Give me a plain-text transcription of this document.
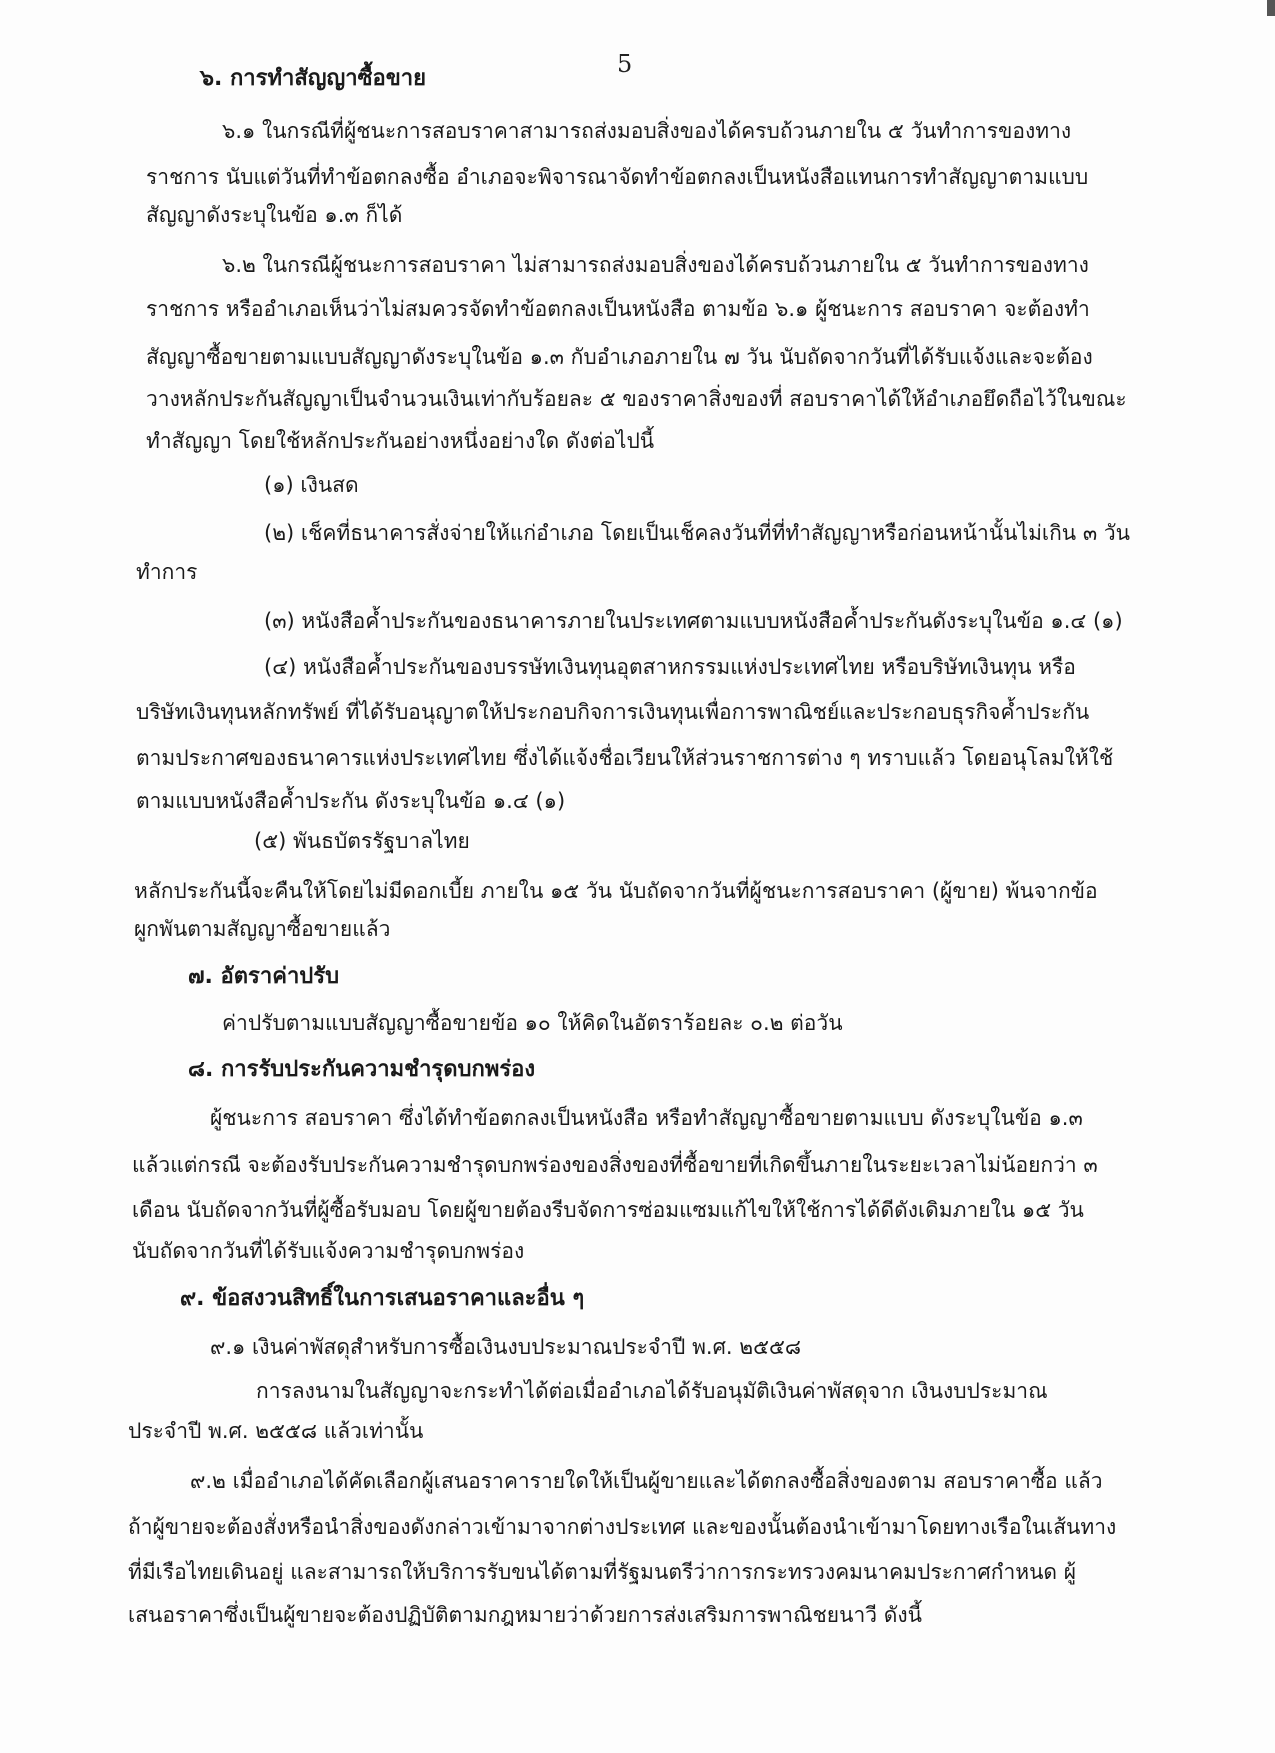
5
๖. การทำสัญญาซื้อขาย
๖.๑ ในกรณีที่ผู้ชนะการสอบราคาสามารถส่งมอบสิ่งของได้ครบถ้วนภายใน ๕ วันทำการของทาง
ราชการ นับแต่วันที่ทำข้อตกลงซื้อ อำเภอจะพิจารณาจัดทำข้อตกลงเป็นหนังสือแทนการทำสัญญาตามแบบ
สัญญาดังระบุในข้อ ๑.๓ ก็ได้
๖.๒ ในกรณีผู้ชนะการสอบราคา ไม่สามารถส่งมอบสิ่งของได้ครบถ้วนภายใน ๕ วันทำการของทาง
ราชการ หรืออำเภอเห็นว่าไม่สมควรจัดทำข้อตกลงเป็นหนังสือ ตามข้อ ๖.๑ ผู้ชนะการ สอบราคา จะต้องทำ
สัญญาซื้อขายตามแบบสัญญาดังระบุในข้อ ๑.๓ กับอำเภอภายใน ๗ วัน นับถัดจากวันที่ได้รับแจ้งและจะต้อง
วางหลักประกันสัญญาเป็นจำนวนเงินเท่ากับร้อยละ ๕ ของราคาสิ่งของที่ สอบราคาได้ให้อำเภอยึดถือไว้ในขณะ
ทำสัญญา โดยใช้หลักประกันอย่างหนึ่งอย่างใด ดังต่อไปนี้
(๑) เงินสด
(๒) เช็คที่ธนาคารสั่งจ่ายให้แก่อำเภอ โดยเป็นเช็คลงวันที่ที่ทำสัญญาหรือก่อนหน้านั้นไม่เกิน ๓ วัน
ทำการ
(๓) หนังสือค้ำประกันของธนาคารภายในประเทศตามแบบหนังสือค้ำประกันดังระบุในข้อ ๑.๔ (๑)
(๔) หนังสือค้ำประกันของบรรษัทเงินทุนอุตสาหกรรมแห่งประเทศไทย หรือบริษัทเงินทุน หรือ
บริษัทเงินทุนหลักทรัพย์ ที่ได้รับอนุญาตให้ประกอบกิจการเงินทุนเพื่อการพาณิชย์และประกอบธุรกิจค้ำประกัน
ตามประกาศของธนาคารแห่งประเทศไทย ซึ่งได้แจ้งชื่อเวียนให้ส่วนราชการต่าง ๆ ทราบแล้ว โดยอนุโลมให้ใช้
ตามแบบหนังสือค้ำประกัน ดังระบุในข้อ ๑.๔ (๑)
(๕) พันธบัตรรัฐบาลไทย
หลักประกันนี้จะคืนให้โดยไม่มีดอกเบี้ย ภายใน ๑๕ วัน นับถัดจากวันที่ผู้ชนะการสอบราคา (ผู้ขาย) พ้นจากข้อ
ผูกพันตามสัญญาซื้อขายแล้ว
๗. อัตราค่าปรับ
ค่าปรับตามแบบสัญญาซื้อขายข้อ ๑๐ ให้คิดในอัตราร้อยละ ๐.๒ ต่อวัน
๘. การรับประกันความชำรุดบกพร่อง
ผู้ชนะการ สอบราคา ซึ่งได้ทำข้อตกลงเป็นหนังสือ หรือทำสัญญาซื้อขายตามแบบ ดังระบุในข้อ ๑.๓
แล้วแต่กรณี จะต้องรับประกันความชำรุดบกพร่องของสิ่งของที่ซื้อขายที่เกิดขึ้นภายในระยะเวลาไม่น้อยกว่า ๓
เดือน นับถัดจากวันที่ผู้ซื้อรับมอบ โดยผู้ขายต้องรีบจัดการซ่อมแซมแก้ไขให้ใช้การได้ดีดังเดิมภายใน ๑๕ วัน
นับถัดจากวันที่ได้รับแจ้งความชำรุดบกพร่อง
๙. ข้อสงวนสิทธิ์ในการเสนอราคาและอื่น ๆ
๙.๑ เงินค่าพัสดุสำหรับการซื้อเงินงบประมาณประจำปี พ.ศ. ๒๕๕๘
การลงนามในสัญญาจะกระทำได้ต่อเมื่ออำเภอได้รับอนุมัติเงินค่าพัสดุจาก เงินงบประมาณ
ประจำปี พ.ศ. ๒๕๕๘ แล้วเท่านั้น
๙.๒ เมื่ออำเภอได้คัดเลือกผู้เสนอราคารายใดให้เป็นผู้ขายและได้ตกลงซื้อสิ่งของตาม สอบราคาซื้อ แล้ว
ถ้าผู้ขายจะต้องสั่งหรือนำสิ่งของดังกล่าวเข้ามาจากต่างประเทศ และของนั้นต้องนำเข้ามาโดยทางเรือในเส้นทาง
ที่มีเรือไทยเดินอยู่ และสามารถให้บริการรับขนได้ตามที่รัฐมนตรีว่าการกระทรวงคมนาคมประกาศกำหนด ผู้
เสนอราคาซึ่งเป็นผู้ขายจะต้องปฏิบัติตามกฎหมายว่าด้วยการส่งเสริมการพาณิชยนาวี ดังนี้
